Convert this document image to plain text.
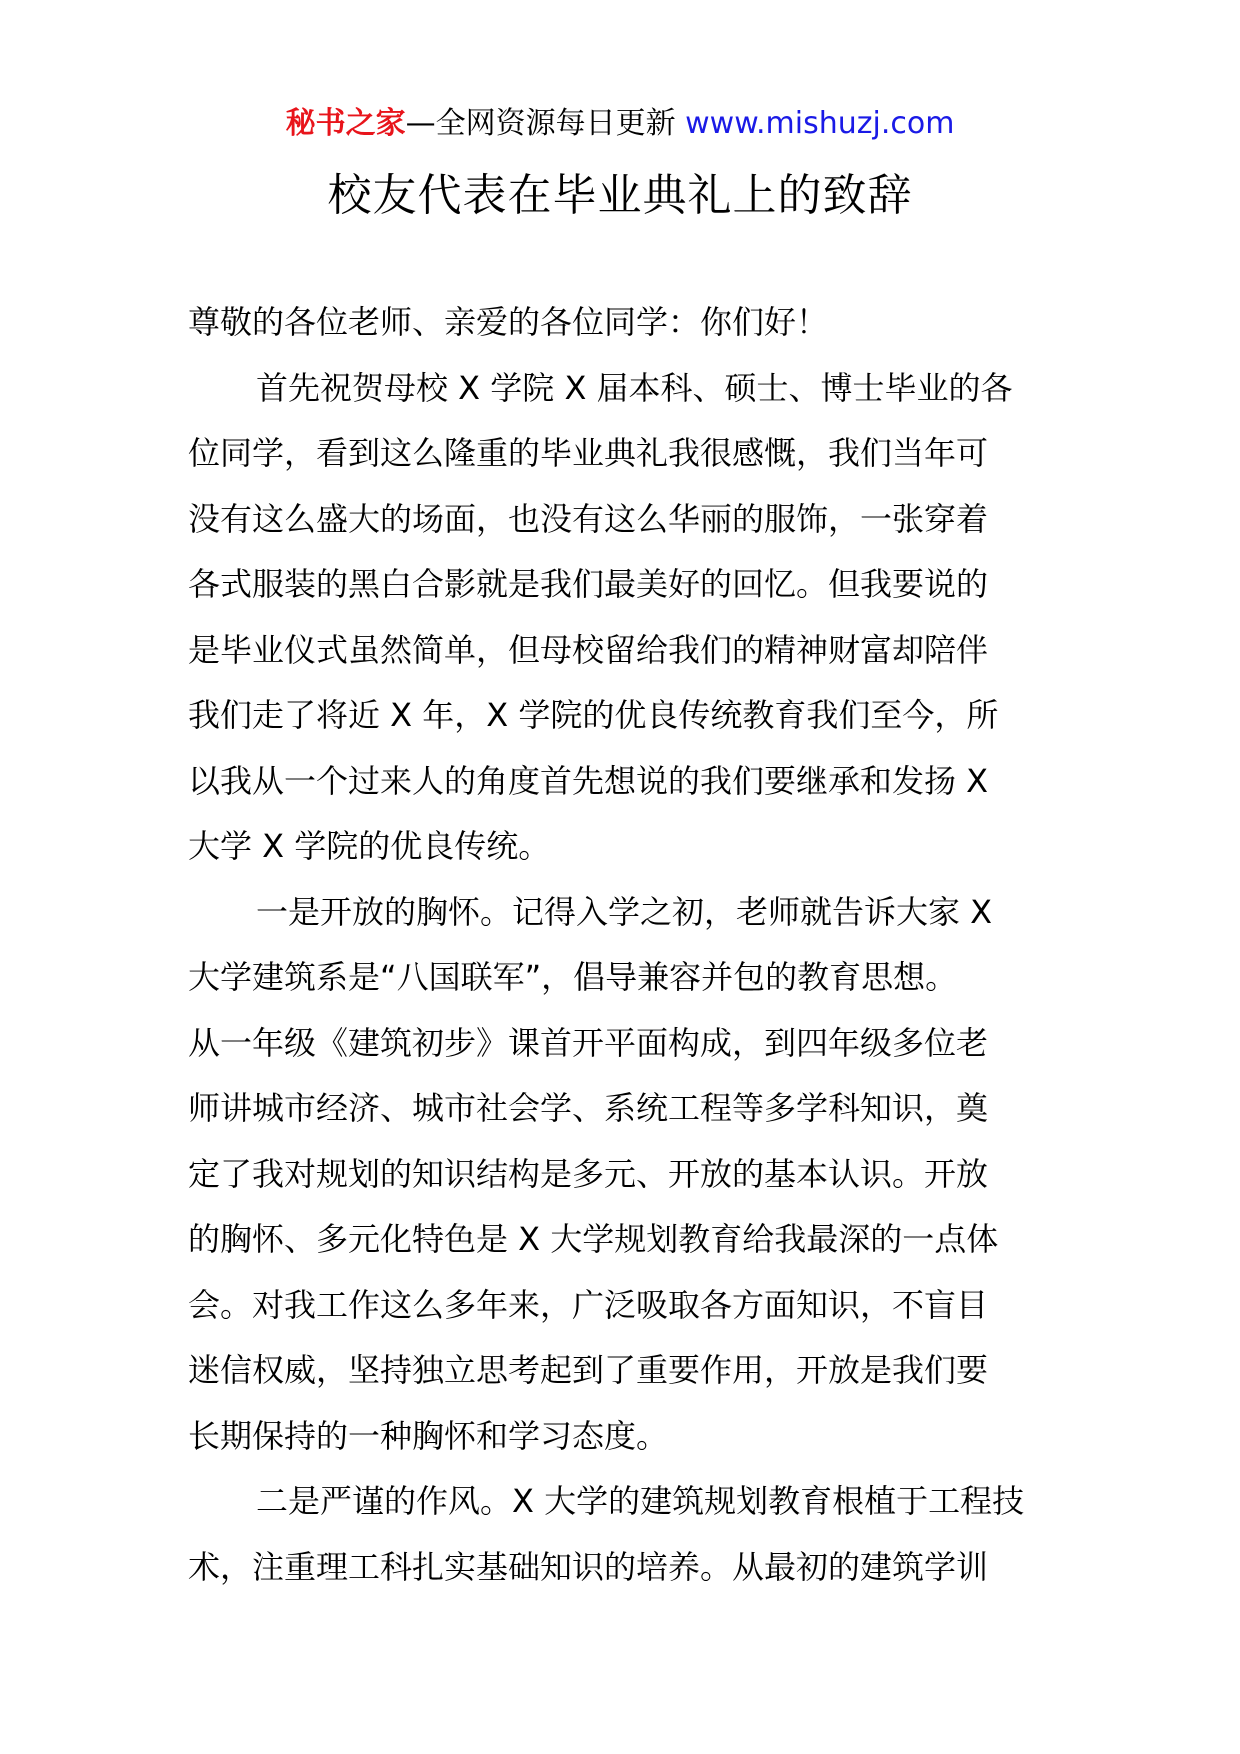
秘书之家—全网资源每日更新 www.mishuzj.com
校友代表在毕业典礼上的致辞
尊敬的各位老师、亲爱的各位同学：你们好！
首先祝贺母校 X 学院 X 届本科、硕士、博士毕业的各
位同学，看到这么隆重的毕业典礼我很感慨，我们当年可
没有这么盛大的场面，也没有这么华丽的服饰，一张穿着
各式服装的黑白合影就是我们最美好的回忆。但我要说的
是毕业仪式虽然简单，但母校留给我们的精神财富却陪伴
我们走了将近 X 年，X 学院的优良传统教育我们至今，所
以我从一个过来人的角度首先想说的我们要继承和发扬 X
大学 X 学院的优良传统。
一是开放的胸怀。记得入学之初，老师就告诉大家 X
大学建筑系是“八国联军”，倡导兼容并包的教育思想。
从一年级《建筑初步》课首开平面构成，到四年级多位老
师讲城市经济、城市社会学、系统工程等多学科知识，奠
定了我对规划的知识结构是多元、开放的基本认识。开放
的胸怀、多元化特色是 X 大学规划教育给我最深的一点体
会。对我工作这么多年来，广泛吸取各方面知识，不盲目
迷信权威，坚持独立思考起到了重要作用，开放是我们要
长期保持的一种胸怀和学习态度。
二是严谨的作风。X 大学的建筑规划教育根植于工程技
术，注重理工科扎实基础知识的培养。从最初的建筑学训
